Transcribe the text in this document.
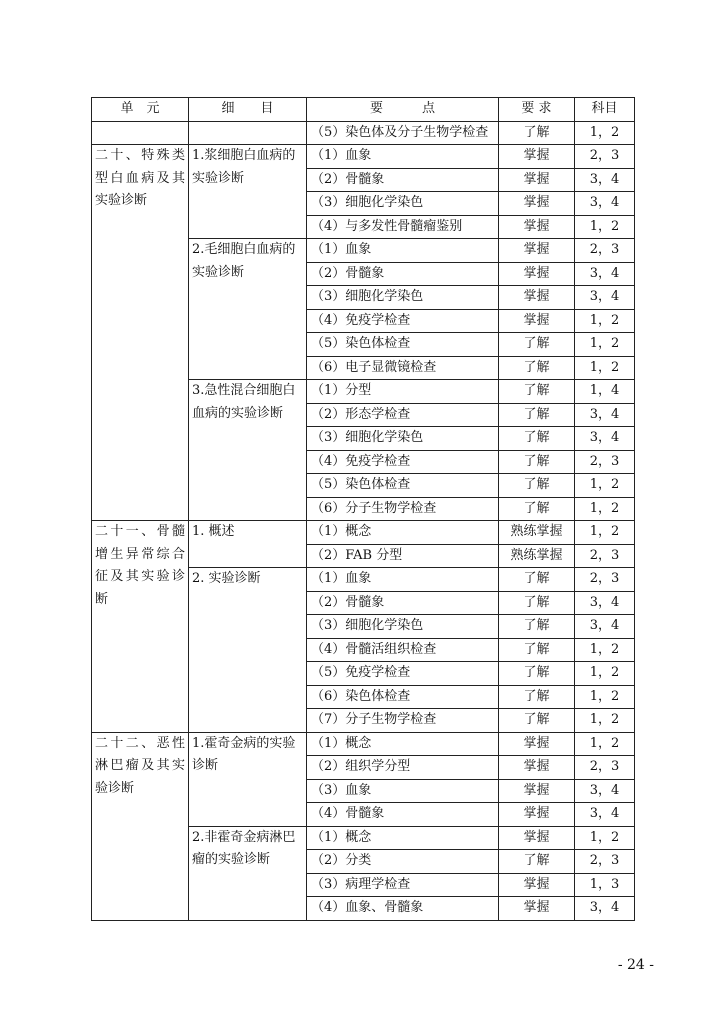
单　元	细　　目	要　　　点	要 求	科目
		（5）染色体及分子生物学检查	了解	1，2
二十、特殊类型白血病及其实验诊断	1.浆细胞白血病的实验诊断	（1）血象	掌握	2，3
		（2）骨髓象	掌握	3，4
		（3）细胞化学染色	掌握	3，4
		（4）与多发性骨髓瘤鉴别	掌握	1，2
	2.毛细胞白血病的实验诊断	（1）血象	掌握	2，3
		（2）骨髓象	掌握	3，4
		（3）细胞化学染色	掌握	3，4
		（4）免疫学检查	掌握	1，2
		（5）染色体检查	了解	1，2
		（6）电子显微镜检查	了解	1，2
	3.急性混合细胞白血病的实验诊断	（1）分型	了解	1，4
		（2）形态学检查	了解	3，4
		（3）细胞化学染色	了解	3，4
		（4）免疫学检查	了解	2，3
		（5）染色体检查	了解	1，2
		（6）分子生物学检查	了解	1，2
二十一、骨髓增生异常综合征及其实验诊断	1. 概述	（1）概念	熟练掌握	1，2
		（2）FAB 分型	熟练掌握	2，3
	2. 实验诊断	（1）血象	了解	2，3
		（2）骨髓象	了解	3，4
		（3）细胞化学染色	了解	3，4
		（4）骨髓活组织检查	了解	1，2
		（5）免疫学检查	了解	1，2
		（6）染色体检查	了解	1，2
		（7）分子生物学检查	了解	1，2
二十二、恶性淋巴瘤及其实验诊断	1.霍奇金病的实验诊断	（1）概念	掌握	1，2
		（2）组织学分型	掌握	2，3
		（3）血象	掌握	3，4
		（4）骨髓象	掌握	3，4
	2.非霍奇金病淋巴瘤的实验诊断	（1）概念	掌握	1，2
		（2）分类	了解	2，3
		（3）病理学检查	掌握	1，3
		（4）血象、骨髓象	掌握	3，4
- 24 -
